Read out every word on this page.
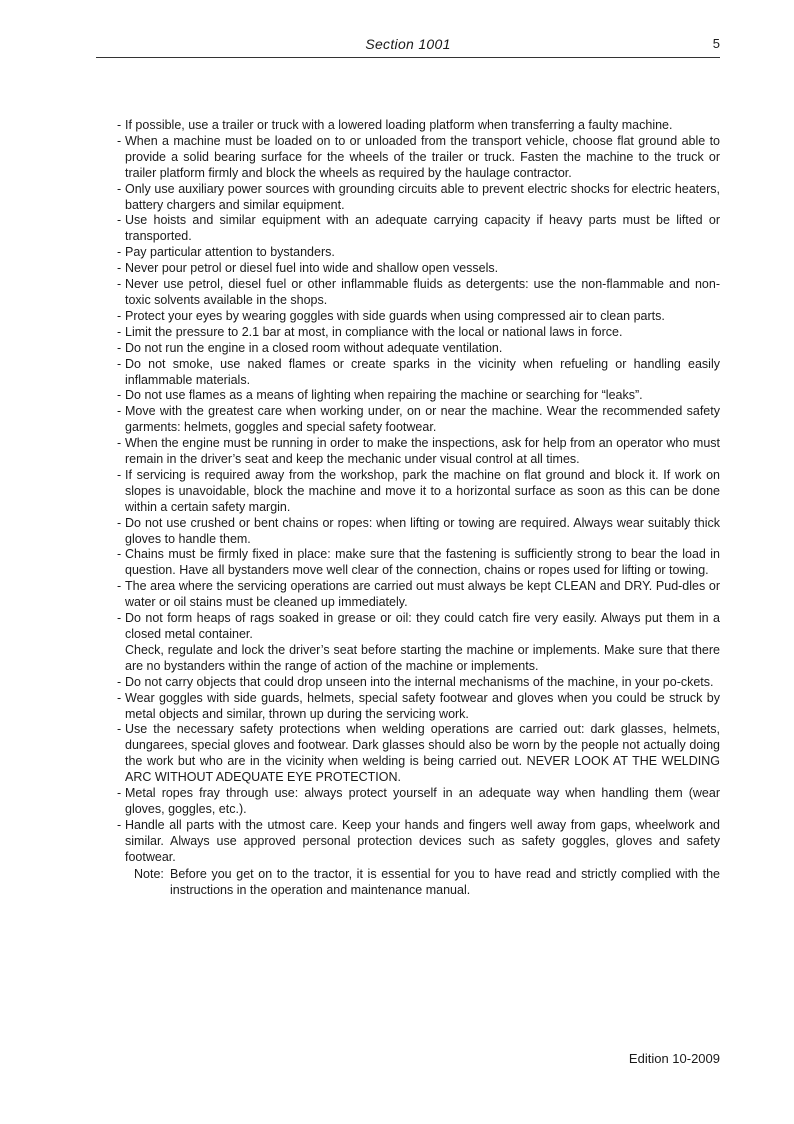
Section 1001	5
- If possible, use a trailer or truck with a lowered loading platform when transferring a faulty machine.
- When a machine must be loaded on to or unloaded from the transport vehicle, choose flat ground able to provide a solid bearing surface for the wheels of the trailer or truck. Fasten the machine to the truck or trailer platform firmly and block the wheels as required by the haulage contractor.
- Only use auxiliary power sources with grounding circuits able to prevent electric shocks for electric heaters, battery chargers and similar equipment.
- Use hoists and similar equipment with an adequate carrying capacity if heavy parts must be lifted or transported.
- Pay particular attention to bystanders.
- Never pour petrol or diesel fuel into wide and shallow open vessels.
- Never use petrol, diesel fuel or other inflammable fluids as detergents: use the non-flammable and non-toxic solvents available in the shops.
- Protect your eyes by wearing goggles with side guards when using compressed air to clean parts.
- Limit the pressure to 2.1 bar at most, in compliance with the local or national laws in force.
- Do not run the engine in a closed room without adequate ventilation.
- Do not smoke, use naked flames or create sparks in the vicinity when refueling or handling easily inflammable materials.
- Do not use flames as a means of lighting when repairing the machine or searching for “leaks”.
- Move with the greatest care when working under, on or near the machine. Wear the recommended safety garments: helmets, goggles and special safety footwear.
- When the engine must be running in order to make the inspections, ask for help from an operator who must remain in the driver’s seat and keep the mechanic under visual control at all times.
- If servicing is required away from the workshop, park the machine on flat ground and block it. If work on slopes is unavoidable, block the machine and move it to a horizontal surface as soon as this can be done within a certain safety margin.
- Do not use crushed or bent chains or ropes: when lifting or towing are required. Always wear suitably thick gloves to handle them.
- Chains must be firmly fixed in place: make sure that the fastening is sufficiently strong to bear the load in question. Have all bystanders move well clear of the connection, chains or ropes used for lifting or towing.
- The area where the servicing operations are carried out must always be kept CLEAN and DRY. Pud-dles or water or oil stains must be cleaned up immediately.
- Do not form heaps of rags soaked in grease or oil: they could catch fire very easily. Always put them in a closed metal container.
Check, regulate and lock the driver’s seat before starting the machine or implements. Make sure that there are no bystanders within the range of action of the machine or implements.
- Do not carry objects that could drop unseen into the internal mechanisms of the machine, in your po-ckets.
- Wear goggles with side guards, helmets, special safety footwear and gloves when you could be struck by metal objects and similar, thrown up during the servicing work.
- Use the necessary safety protections when welding operations are carried out: dark glasses, helmets, dungarees, special gloves and footwear. Dark glasses should also be worn by the people not actually doing the work but who are in the vicinity when welding is being carried out. NEVER LOOK AT THE WELDING ARC WITHOUT ADEQUATE EYE PROTECTION.
- Metal ropes fray through use: always protect yourself in an adequate way when handling them (wear gloves, goggles, etc.).
- Handle all parts with the utmost care. Keep your hands and fingers well away from gaps, wheelwork and similar. Always use approved personal protection devices such as safety goggles, gloves and safety footwear.
Note: Before you get on to the tractor, it is essential for you to have read and strictly complied with the instructions in the operation and maintenance manual.
Edition 10-2009
